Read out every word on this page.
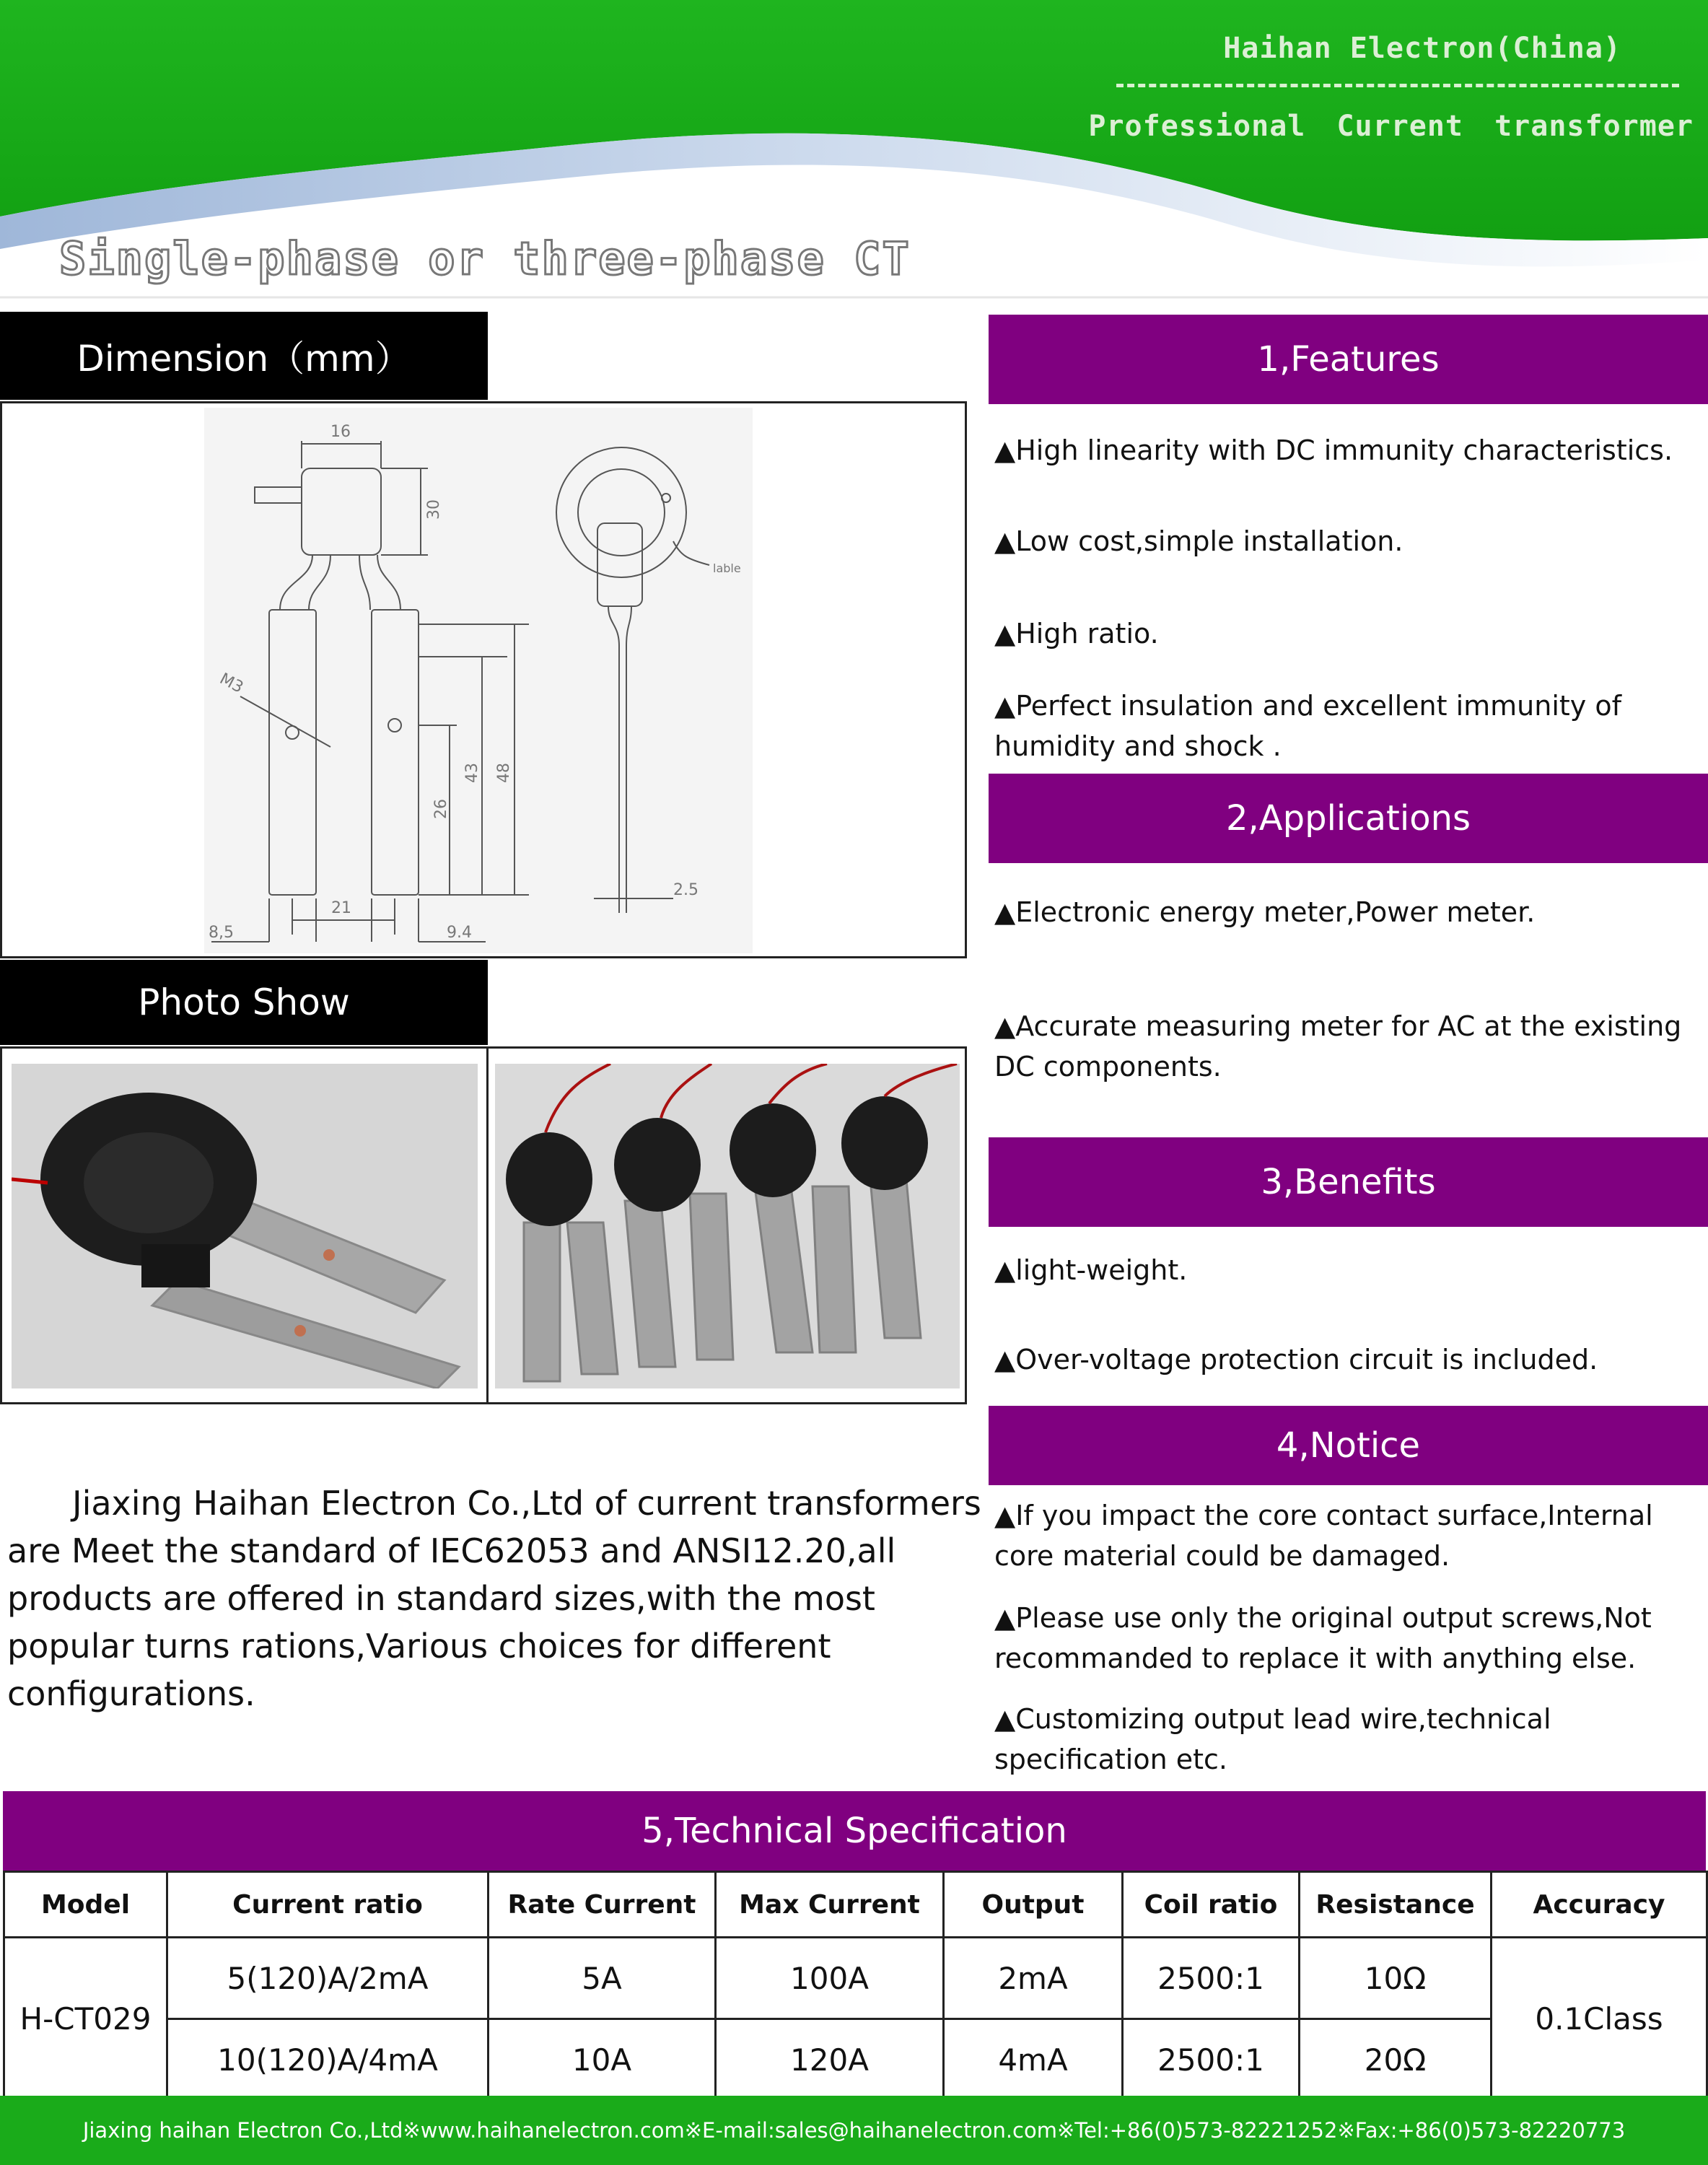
Haihan Electron(China)
Professional Current transformer
Single-phase or three-phase CT
Dimension（mm）
16
30
26
43 48
21
8,5	9.4
2.5
M3
lable
Photo Show
Jiaxing Haihan Electron Co.,Ltd of current transformers are Meet the standard of IEC62053 and ANSI12.20,all products are offered in standard sizes,with the most popular turns rations,Various choices for different configurations.
1,Features
▲High linearity with DC immunity characteristics.
▲Low cost,simple installation.
▲High ratio.
▲Perfect insulation and excellent immunity of humidity and shock .
2,Applications
▲Electronic energy meter,Power meter.
▲Accurate measuring meter for AC at the existing DC components.
3,Benefits
▲light-weight.
▲Over-voltage protection circuit is included.
4,Notice
▲If you impact the core contact surface,Internal core material could be damaged.
▲Please use only the original output screws,Not recommanded to replace it with anything else.
▲Customizing output lead wire,technical specification etc.
5,Technical Specification
Model	Current ratio	Rate Current	Max Current	Output	Coil ratio	Resistance	Accuracy
H-CT029	5(120)A/2mA	5A	100A	2mA	2500:1	10Ω	0.1Class
	10(120)A/4mA	10A	120A	4mA	2500:1	20Ω	
Jiaxing haihan Electron Co.,Ltd※www.haihanelectron.com※E-mail:sales@haihanelectron.com※Tel:+86(0)573-82221252※Fax:+86(0)573-82220773
